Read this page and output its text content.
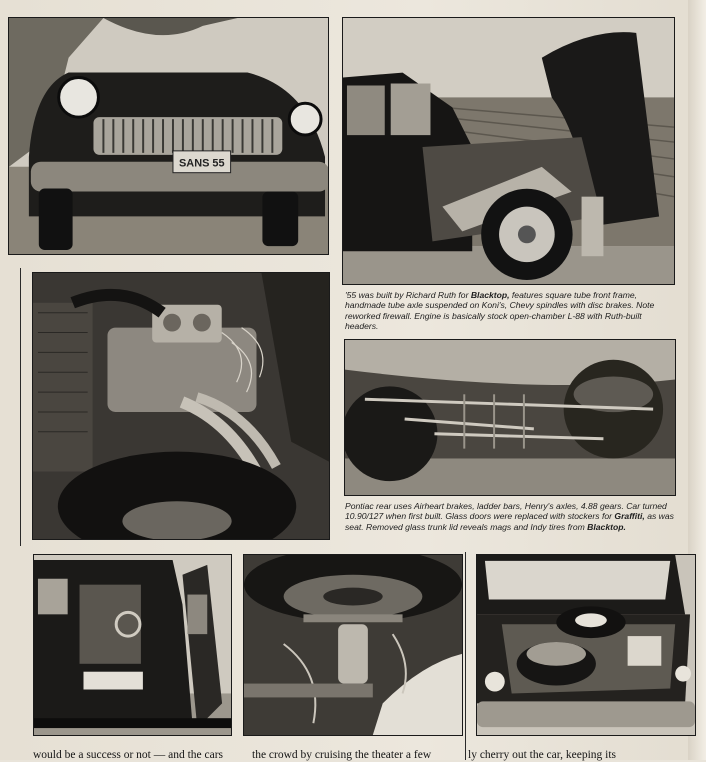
SANS 55

'55 was built by Richard Ruth for Blacktop, features square tube front frame, handmade tube axle suspended on Koni's, Chevy spindles with disc brakes. Note reworked firewall. Engine is basically stock open-chamber L-88 with Ruth-built headers.

Pontiac rear uses Airheart brakes, ladder bars, Henry's axles, 4.88 gears. Car turned 10.90/127 when first built. Glass doors were replaced with stockers for Graffiti, as was seat. Removed glass trunk lid reveals mags and Indy tires from Blacktop.

would be a success or not — and the cars	the crowd by cruising the theater a few	ly cherry out the car, keeping its
